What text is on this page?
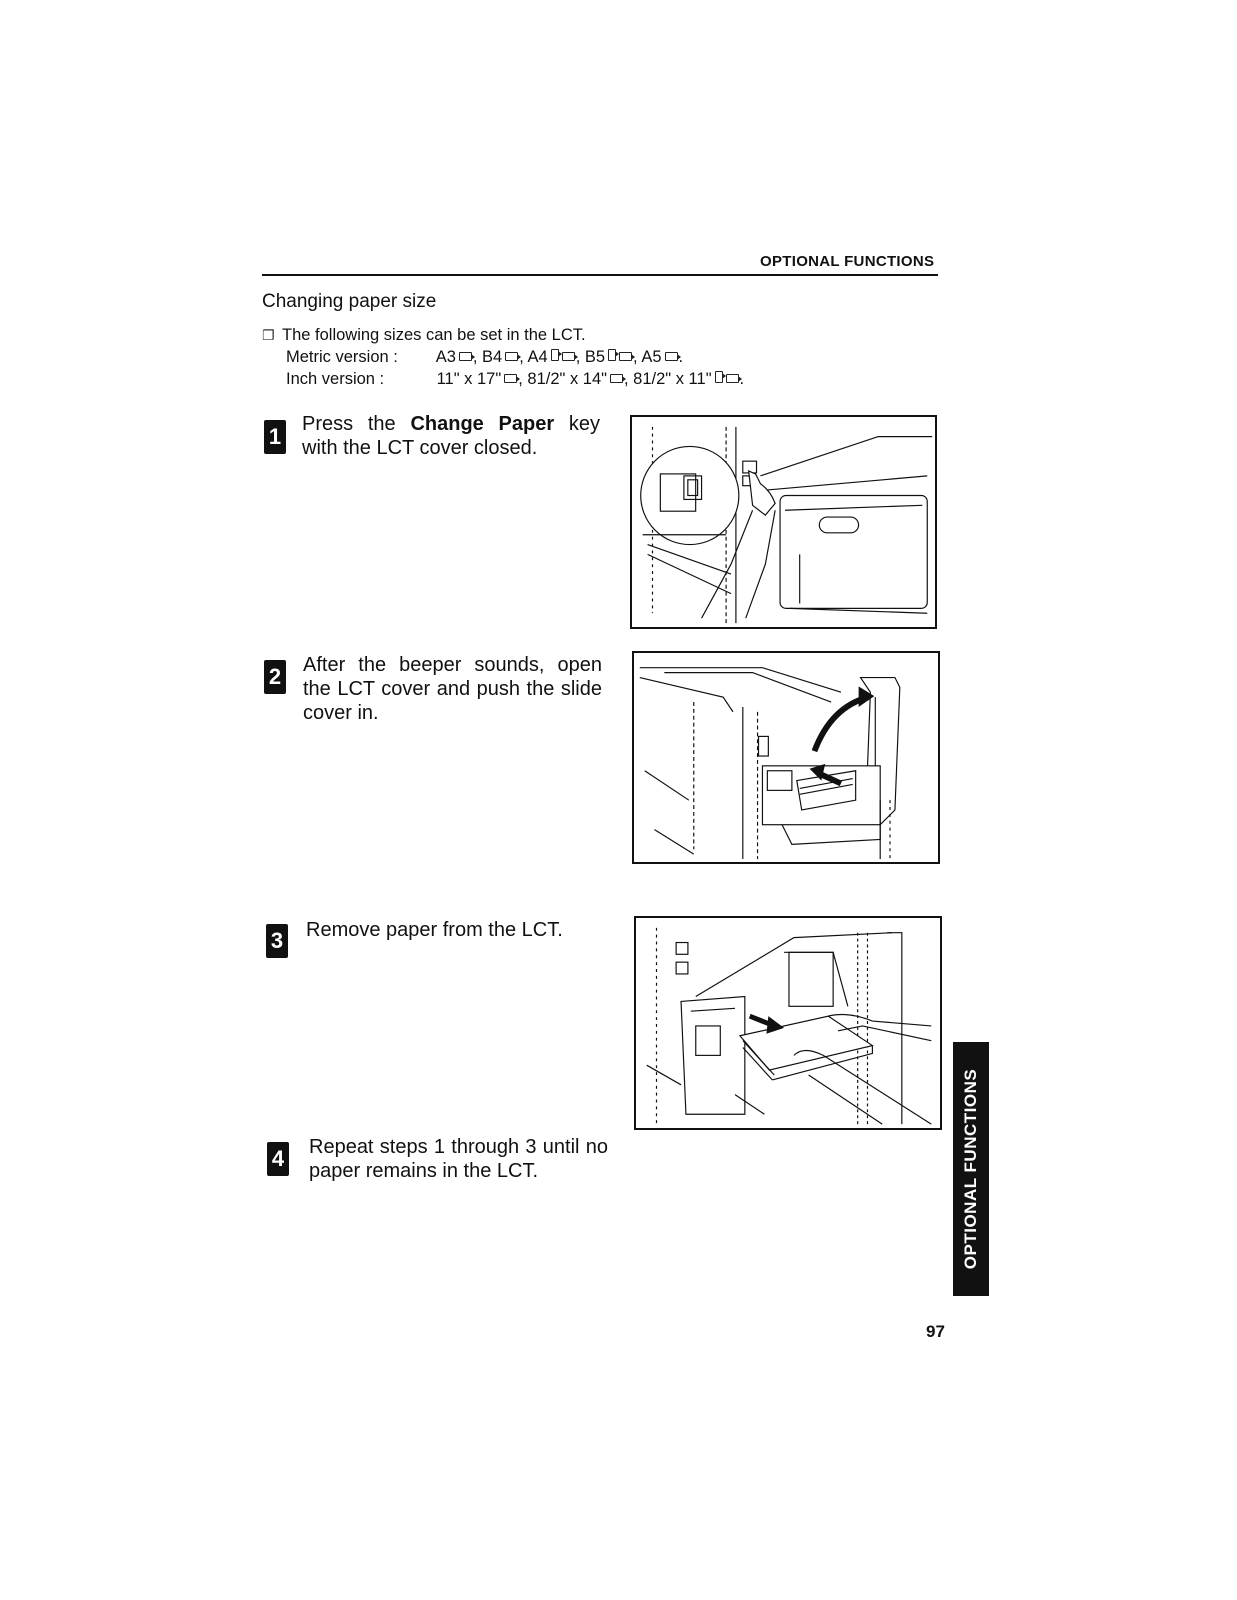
OPTIONAL FUNCTIONS
Changing paper size
❐ The following sizes can be set in the LCT.
Metric version : A3 , B4 , A4 , B5 , A5 .
Inch version :	11" x 17" , 81/2" x 14" , 81/2" x 11" .
1 Press the Change Paper key with the LCT cover closed.
2 After the beeper sounds, open the LCT cover and push the slide cover in.
3 Remove paper from the LCT.
4 Repeat steps 1 through 3 until no paper remains in the LCT.	OPTIONAL FUNCTIONS
97
